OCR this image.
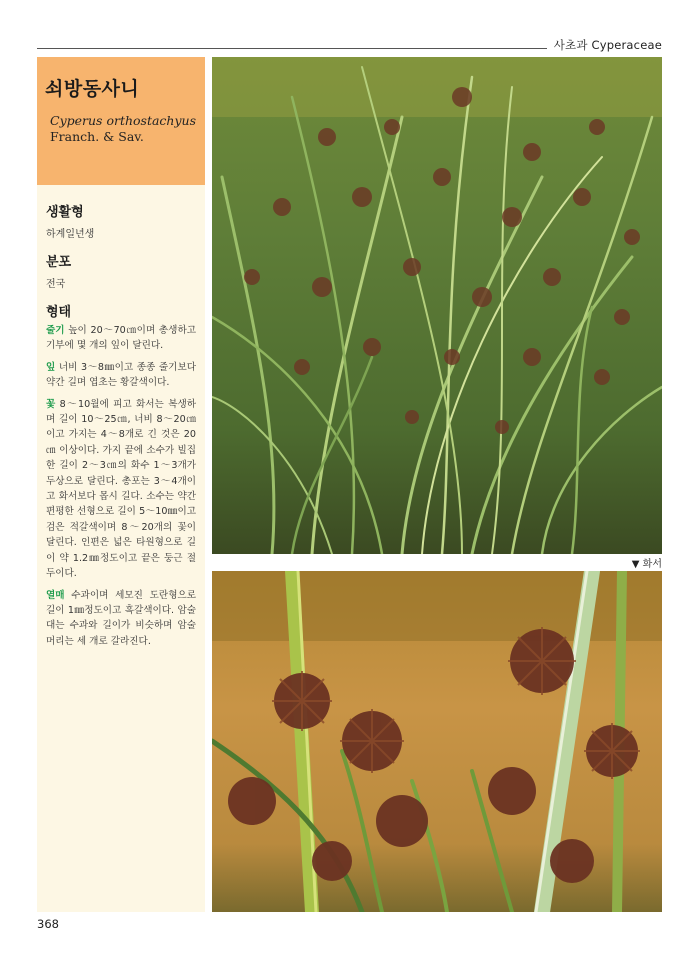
사초과 Cyperaceae
쇠방동사니
Cyperus orthostachyus
Franch. & Sav.
생활형
하계일년생
분포
전국
형태

줄기 높이 20～70㎝이며 총생하고 기부에 몇 개의 잎이 달린다.

잎 너비 3～8㎜이고 종종 줄기보다 약간 길며 엽초는 황갈색이다.

꽃 8～10월에 피고 화서는 복생하며 길이 10～25㎝, 너비 8～20㎝이고 가지는 4～8개로 긴 것은 20㎝ 이상이다. 가지 끝에 소수가 빌집한 길이 2～3㎝의 화수 1～3개가 두상으로 달린다. 총포는 3～4개이고 화서보다 몹시 길다. 소수는 약간 편평한 선형으로 길이 5～10㎜이고 검은 적갈색이며 8～20개의 꽃이 달린다. 인편은 넓은 타원형으로 길이 약 1.2㎜정도이고 끝은 둥근 절두이다.

열매 수과이며 세모진 도란형으로 길이 1㎜정도이고 흑갈색이다. 암술대는 수과와 길이가 비슷하며 암술머리는 세 개로 갈라진다.

▼ 화서
368
